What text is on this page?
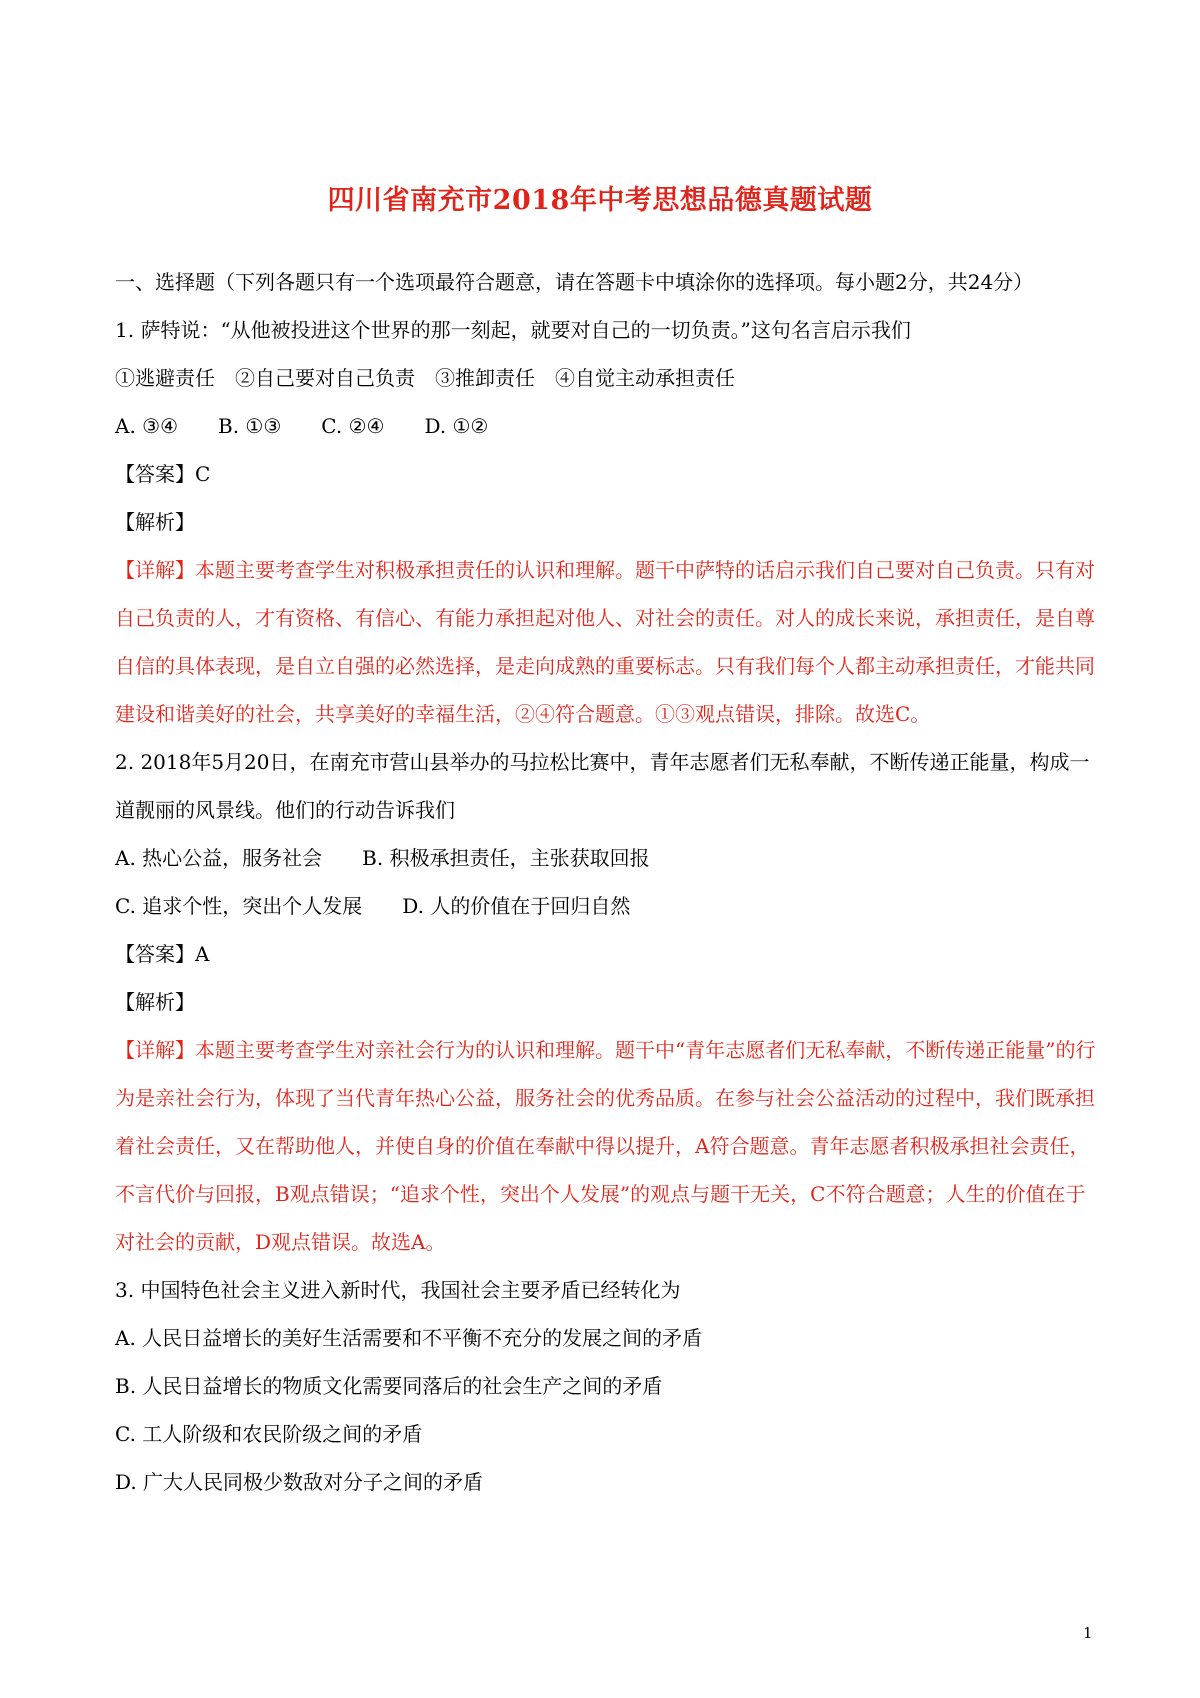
四川省南充市2018年中考思想品德真题试题
一、选择题（下列各题只有一个选项最符合题意，请在答题卡中填涂你的选择项。每小题2分，共24分）
1. 萨特说：“从他被投进这个世界的那一刻起，就要对自己的一切负责。”这句名言启示我们
①逃避责任　②自己要对自己负责　③推卸责任　④自觉主动承担责任
A. ③④　　B. ①③　　C. ②④　　D. ①②
【答案】C
【解析】
【详解】本题主要考查学生对积极承担责任的认识和理解。题干中萨特的话启示我们自己要对自己负责。只有对自己负责的人，才有资格、有信心、有能力承担起对他人、对社会的责任。对人的成长来说，承担责任，是自尊自信的具体表现，是自立自强的必然选择，是走向成熟的重要标志。只有我们每个人都主动承担责任，才能共同建设和谐美好的社会，共享美好的幸福生活，②④符合题意。①③观点错误，排除。故选C。
2. 2018年5月20日，在南充市营山县举办的马拉松比赛中，青年志愿者们无私奉献，不断传递正能量，构成一道靓丽的风景线。他们的行动告诉我们
A. 热心公益，服务社会　　B. 积极承担责任，主张获取回报
C. 追求个性，突出个人发展　　D. 人的价值在于回归自然
【答案】A
【解析】
【详解】本题主要考查学生对亲社会行为的认识和理解。题干中“青年志愿者们无私奉献，不断传递正能量”的行为是亲社会行为，体现了当代青年热心公益，服务社会的优秀品质。在参与社会公益活动的过程中，我们既承担着社会责任，又在帮助他人，并使自身的价值在奉献中得以提升，A符合题意。青年志愿者积极承担社会责任，不言代价与回报，B观点错误；“追求个性，突出个人发展”的观点与题干无关，C不符合题意；人生的价值在于对社会的贡献，D观点错误。故选A。
3. 中国特色社会主义进入新时代，我国社会主要矛盾已经转化为
A. 人民日益增长的美好生活需要和不平衡不充分的发展之间的矛盾
B. 人民日益增长的物质文化需要同落后的社会生产之间的矛盾
C. 工人阶级和农民阶级之间的矛盾
D. 广大人民同极少数敌对分子之间的矛盾
1
